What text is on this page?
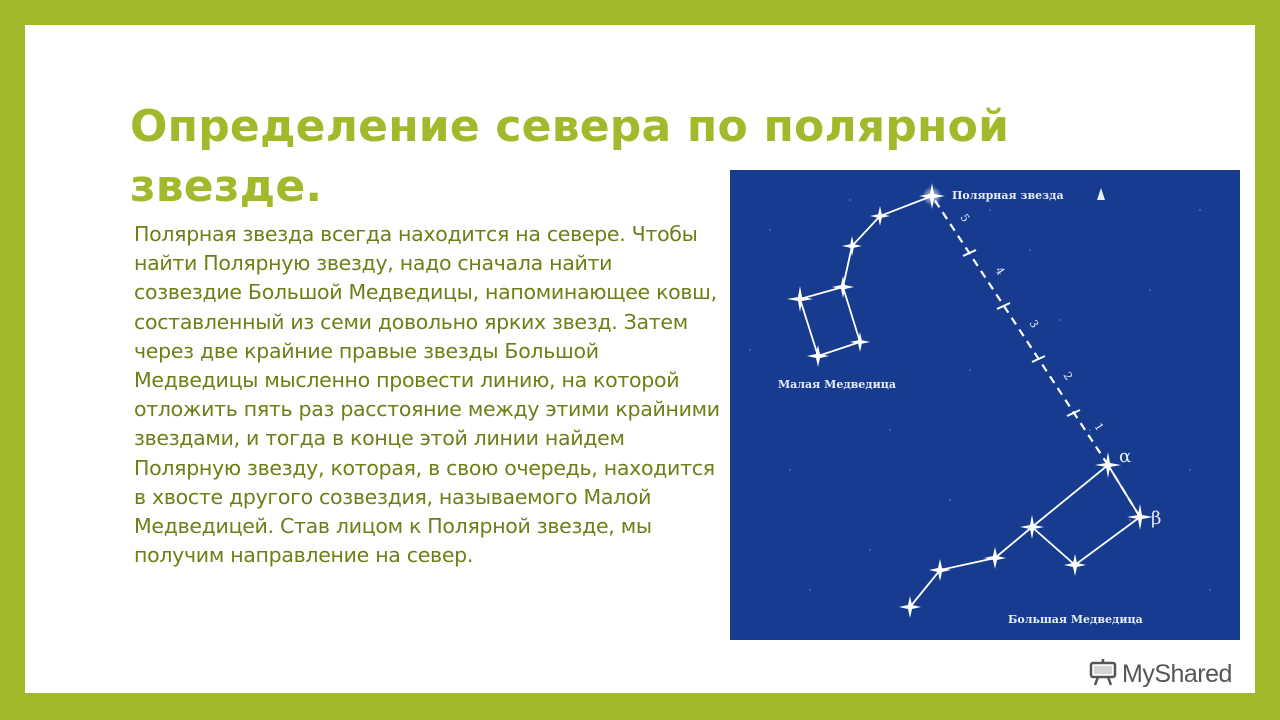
Определение севера по полярной звезде.

Полярная звезда всегда находится на севере. Чтобы найти Полярную звезду, надо сначала найти созвездие Большой Медведицы, напоминающее ковш, составленный из семи довольно ярких звезд. Затем через две крайние правые звезды Большой Медведицы мысленно провести линию, на которой отложить пять раз расстояние между этими крайними звездами, и тогда в конце этой линии найдем Полярную звезду, которая, в свою очередь, находится в хвосте другого созвездия, называемого Малой Медведицей. Став лицом к Полярной звезде, мы получим направление на север.

Полярная звезда
Малая Медведица
Большая Медведица
α
β
1
2
3
4
5
MyShared
